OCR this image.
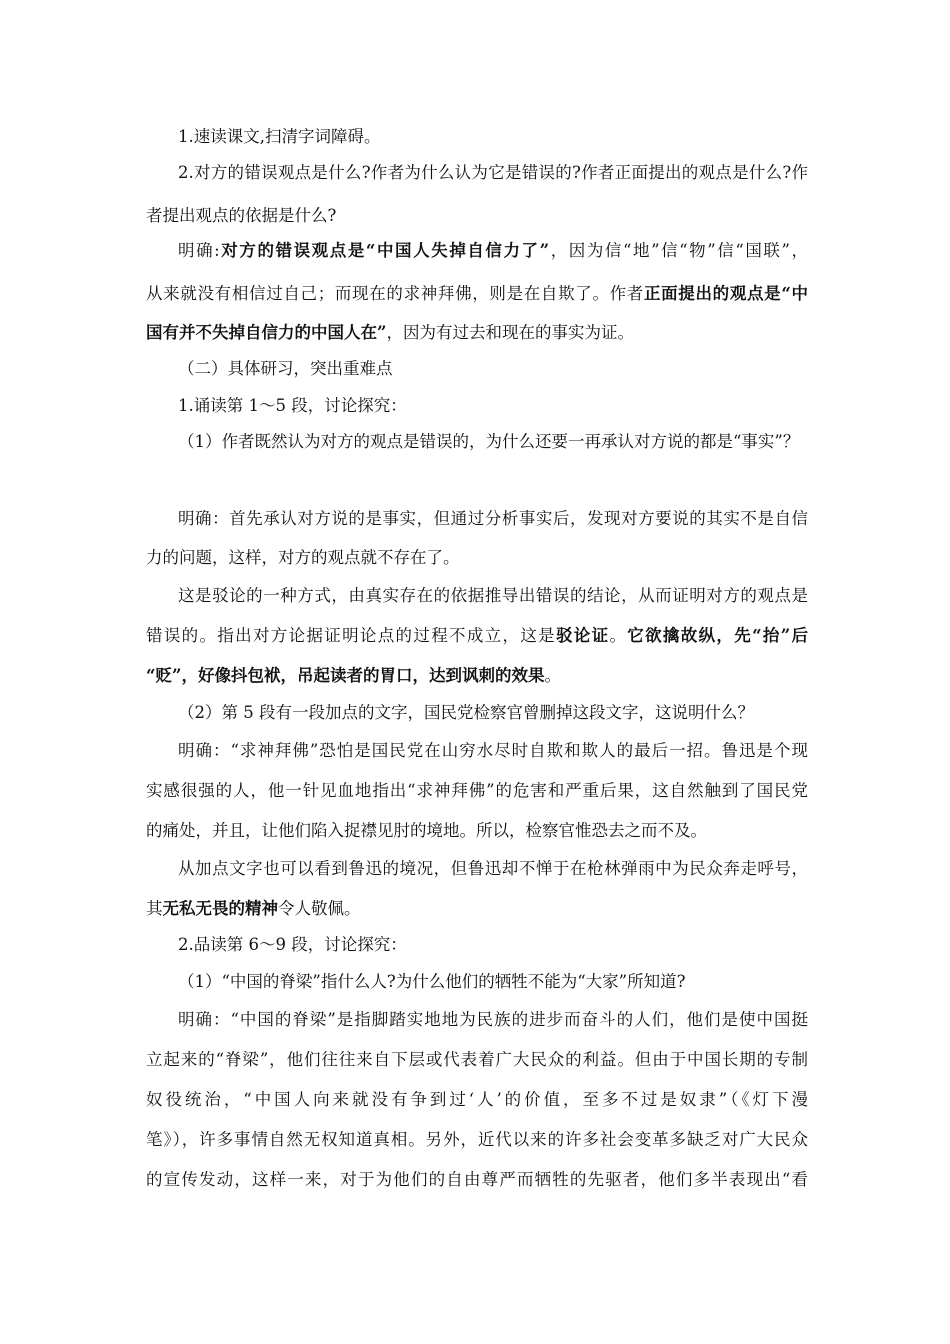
1.速读课文,扫清字词障碍。
2.对方的错误观点是什么?作者为什么认为它是错误的?作者正面提出的观点是什么?作
者提出观点的依据是什么?
明确:对方的错误观点是“中国人失掉自信力了”，因为信“地”信“物”信“国联”，
从来就没有相信过自己；而现在的求神拜佛，则是在自欺了。作者正面提出的观点是“中
国有并不失掉自信力的中国人在”，因为有过去和现在的事实为证。
（二）具体研习，突出重难点
1.诵读第 1～5 段，讨论探究：
（1）作者既然认为对方的观点是错误的，为什么还要一再承认对方说的都是“事实”？
明确：首先承认对方说的是事实，但通过分析事实后，发现对方要说的其实不是自信
力的问题，这样，对方的观点就不存在了。
这是驳论的一种方式，由真实存在的依据推导出错误的结论，从而证明对方的观点是
错误的。指出对方论据证明论点的过程不成立，这是驳论证。它欲擒故纵，先“抬”后
“贬”，好像抖包袱，吊起读者的胃口，达到讽刺的效果。
（2）第 5 段有一段加点的文字，国民党检察官曾删掉这段文字，这说明什么？
明确：“求神拜佛”恐怕是国民党在山穷水尽时自欺和欺人的最后一招。鲁迅是个现
实感很强的人，他一针见血地指出“求神拜佛”的危害和严重后果，这自然触到了国民党
的痛处，并且，让他们陷入捉襟见肘的境地。所以，检察官惟恐去之而不及。
从加点文字也可以看到鲁迅的境况，但鲁迅却不惮于在枪林弹雨中为民众奔走呼号，
其无私无畏的精神令人敬佩。
2.品读第 6～9 段，讨论探究：
（1）“中国的脊梁”指什么人?为什么他们的牺牲不能为“大家”所知道?
明确：“中国的脊梁”是指脚踏实地地为民族的进步而奋斗的人们，他们是使中国挺
立起来的“脊梁”，他们往往来自下层或代表着广大民众的利益。但由于中国长期的专制
奴役统治，“中国人向来就没有争到过‘人’的价值，至多不过是奴隶”（《灯下漫
笔》），许多事情自然无权知道真相。另外，近代以来的许多社会变革多缺乏对广大民众
的宣传发动，这样一来，对于为他们的自由尊严而牺牲的先驱者，他们多半表现出“看
